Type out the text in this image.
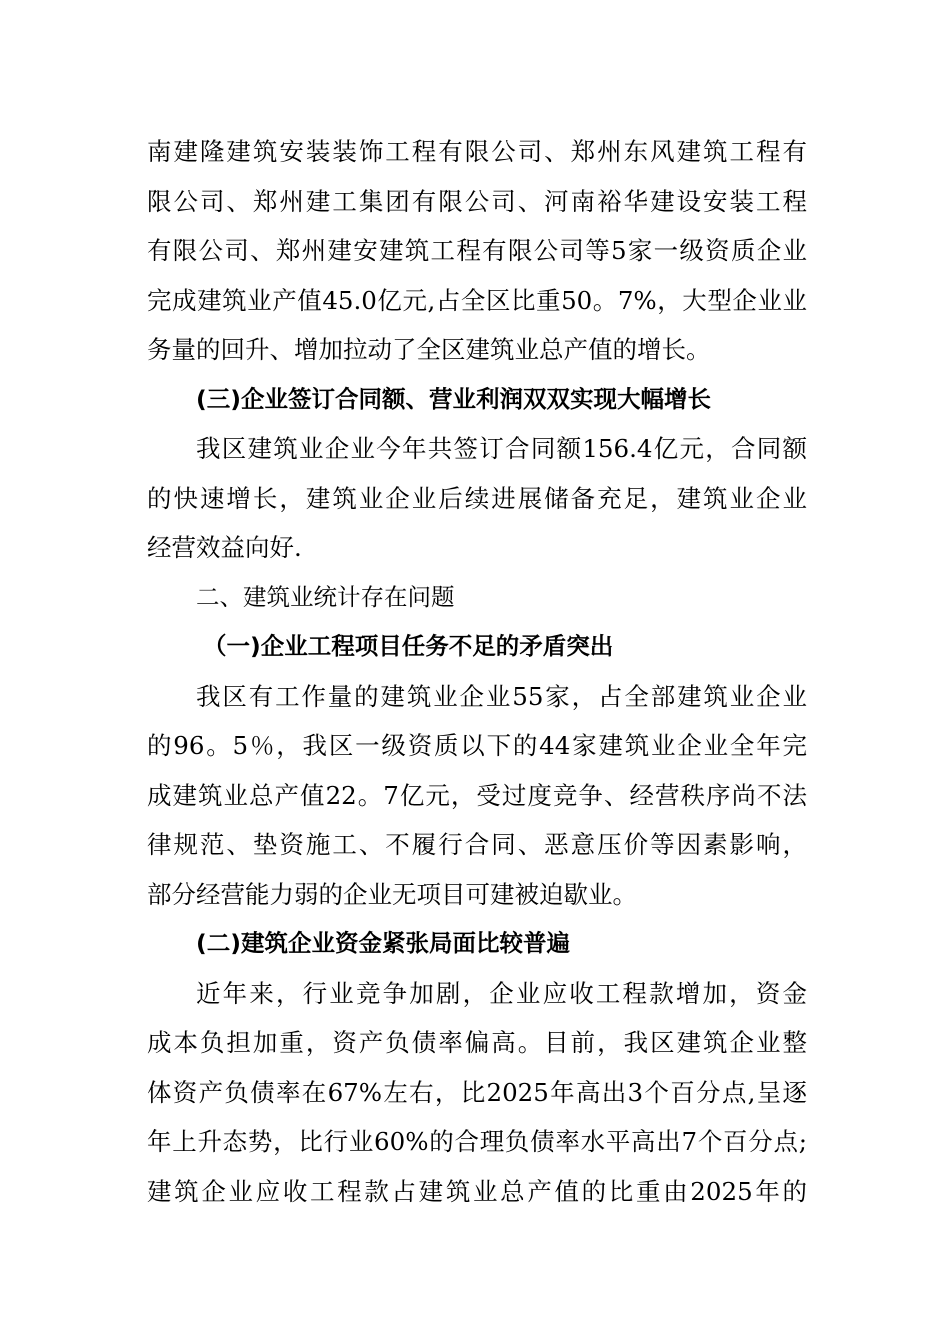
南建隆建筑安装装饰工程有限公司、郑州东风建筑工程有
限公司、郑州建工集团有限公司、河南裕华建设安装工程
有限公司、郑州建安建筑工程有限公司等5家一级资质企业
完成建筑业产值45.0亿元,占全区比重50。7%，大型企业业
务量的回升、增加拉动了全区建筑业总产值的增长。
(三)企业签订合同额、营业利润双双实现大幅增长
我区建筑业企业今年共签订合同额156.4亿元，合同额
的快速增长，建筑业企业后续进展储备充足，建筑业企业
经营效益向好.
二、建筑业统计存在问题
（一)企业工程项目任务不足的矛盾突出
我区有工作量的建筑业企业55家，占全部建筑业企业
的96。5％，我区一级资质以下的44家建筑业企业全年完
成建筑业总产值22。7亿元，受过度竞争、经营秩序尚不法
律规范、垫资施工、不履行合同、恶意压价等因素影响，
部分经营能力弱的企业无项目可建被迫歇业。
(二)建筑企业资金紧张局面比较普遍
近年来，行业竞争加剧，企业应收工程款增加，资金
成本负担加重，资产负债率偏高。目前，我区建筑企业整
体资产负债率在67%左右，比2025年高出3个百分点,呈逐
年上升态势，比行业60%的合理负债率水平高出7个百分点;
建筑企业应收工程款占建筑业总产值的比重由2025年的
